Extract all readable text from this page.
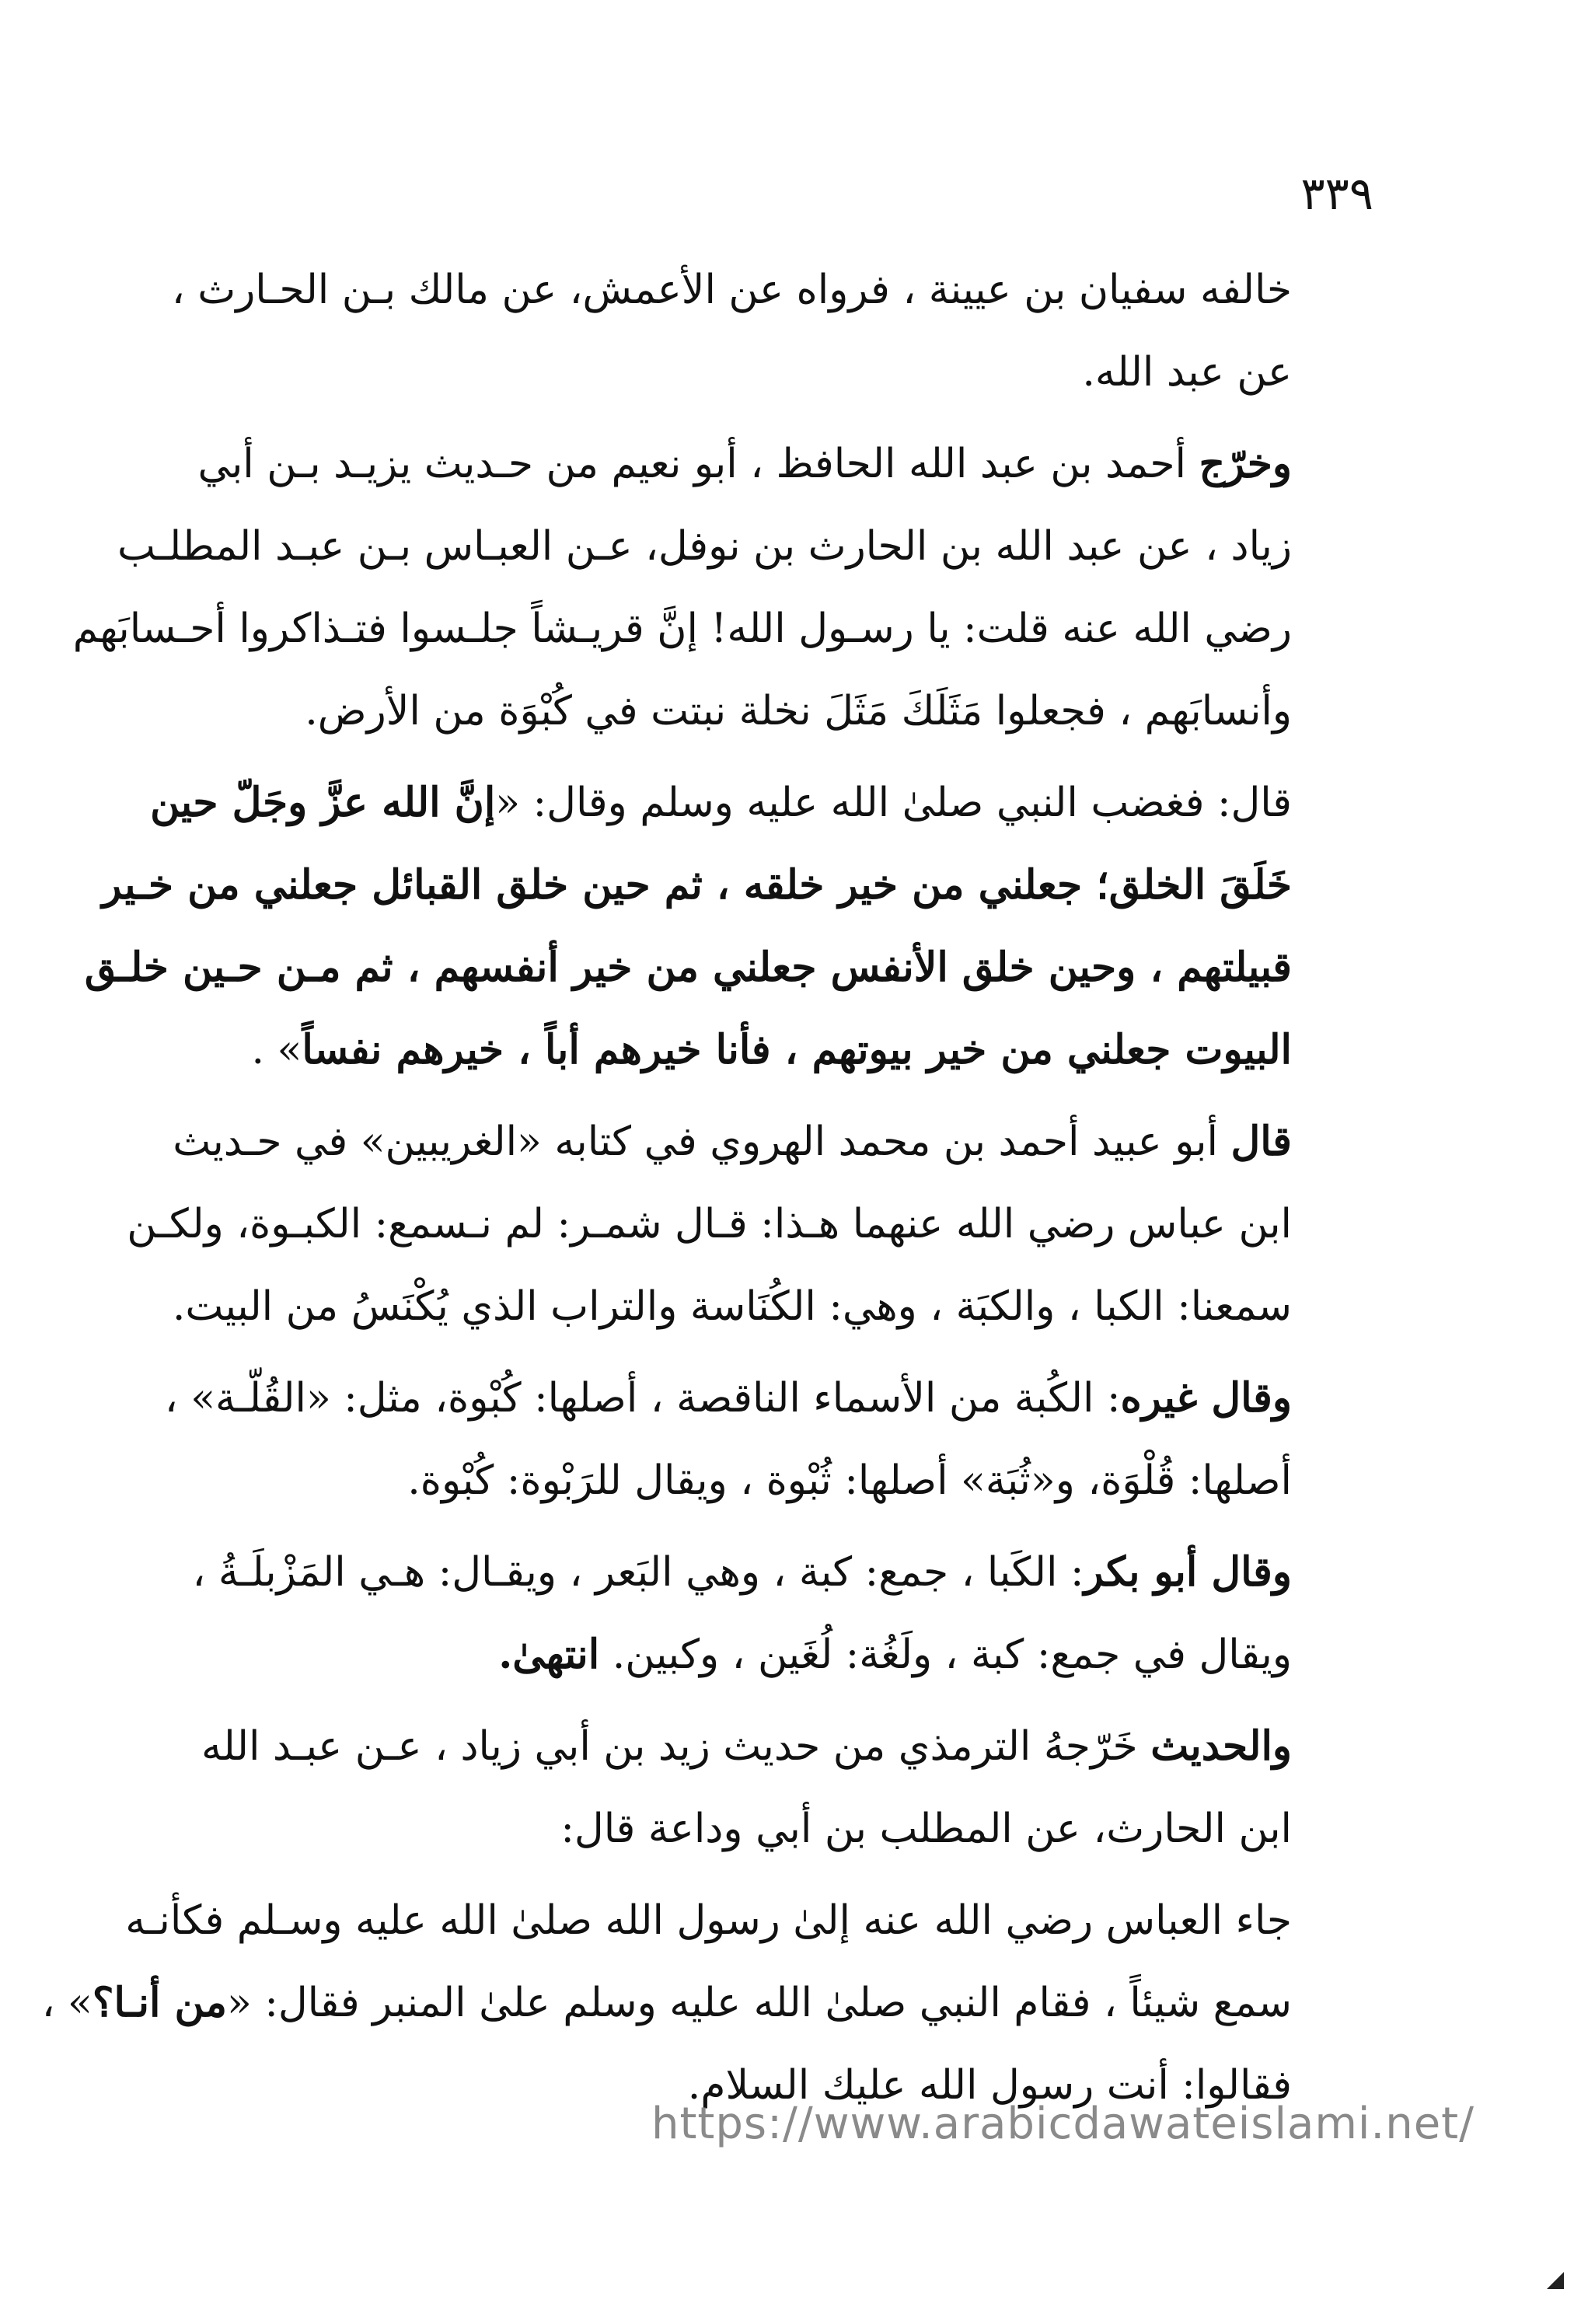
٣٣٩
خالفه سفيان بن عيينة ، فرواه عن الأعمش، عن مالك بـن الحـارث ،
عن عبد الله.
وخرّج أحمد بن عبد الله الحافظ ، أبو نعيم من حـديث يزيـد بـن أبي
زياد ، عن عبد الله بن الحارث بن نوفل، عـن العبـاس بـن عبـد المطلـب
رضي الله عنه قلت: يا رسـول الله! إنَّ قريـشاً جلـسوا فتـذاكروا أحـسابَهم
وأنسابَهم ، فجعلوا مَثَلَكَ مَثَلَ نخلة نبتت في كُبْوَة من الأرض.
قال: فغضب النبي صلىٰ الله عليه وسلم وقال: «إنَّ الله عزَّ وجَلّ حين
خَلَقَ الخلق؛ جعلني من خير خلقه ، ثم حين خلق القبائل جعلني من خـير
قبيلتهم ، وحين خلق الأنفس جعلني من خير أنفسهم ، ثم مـن حـين خلـق
البيوت جعلني من خير بيوتهم ، فأنا خيرهم أباً ، خيرهم نفساً» .
قال أبو عبيد أحمد بن محمد الهروي في كتابه «الغريبين» في حـديث
ابن عباس رضي الله عنهما هـذا: قـال شمـر: لم نـسمع: الكبـوة، ولكـن
سمعنا: الكبا ، والكبَة ، وهي: الكُنَاسة والتراب الذي يُكْنَسُ من البيت.
وقال غيره: الكُبة من الأسماء الناقصة ، أصلها: كُبْوة، مثل: «القُلّـة» ،
أصلها: قُلْوَة، و«ثُبَة» أصلها: ثُبْوة ، ويقال للرَبْوة: كُبْوة.
وقال أبو بكر: الكَبا ، جمع: كبة ، وهي البَعر ، ويقـال: هـي المَزْبلَـةُ ،
ويقال في جمع: كبة ، ولَغُة: لُغَين ، وكبين. انتهىٰ.
والحديث خَرّجهُ الترمذي من حديث زيد بن أبي زياد ، عـن عبـد الله
ابن الحارث، عن المطلب بن أبي وداعة قال:
جاء العباس رضي الله عنه إلىٰ رسول الله صلىٰ الله عليه وسـلم فكأنـه
سمع شيئاً ، فقام النبي صلىٰ الله عليه وسلم علىٰ المنبر فقال: «من أنـا؟» ،
فقالوا: أنت رسول الله عليك السلام.
https://www.arabicdawateislami.net/
